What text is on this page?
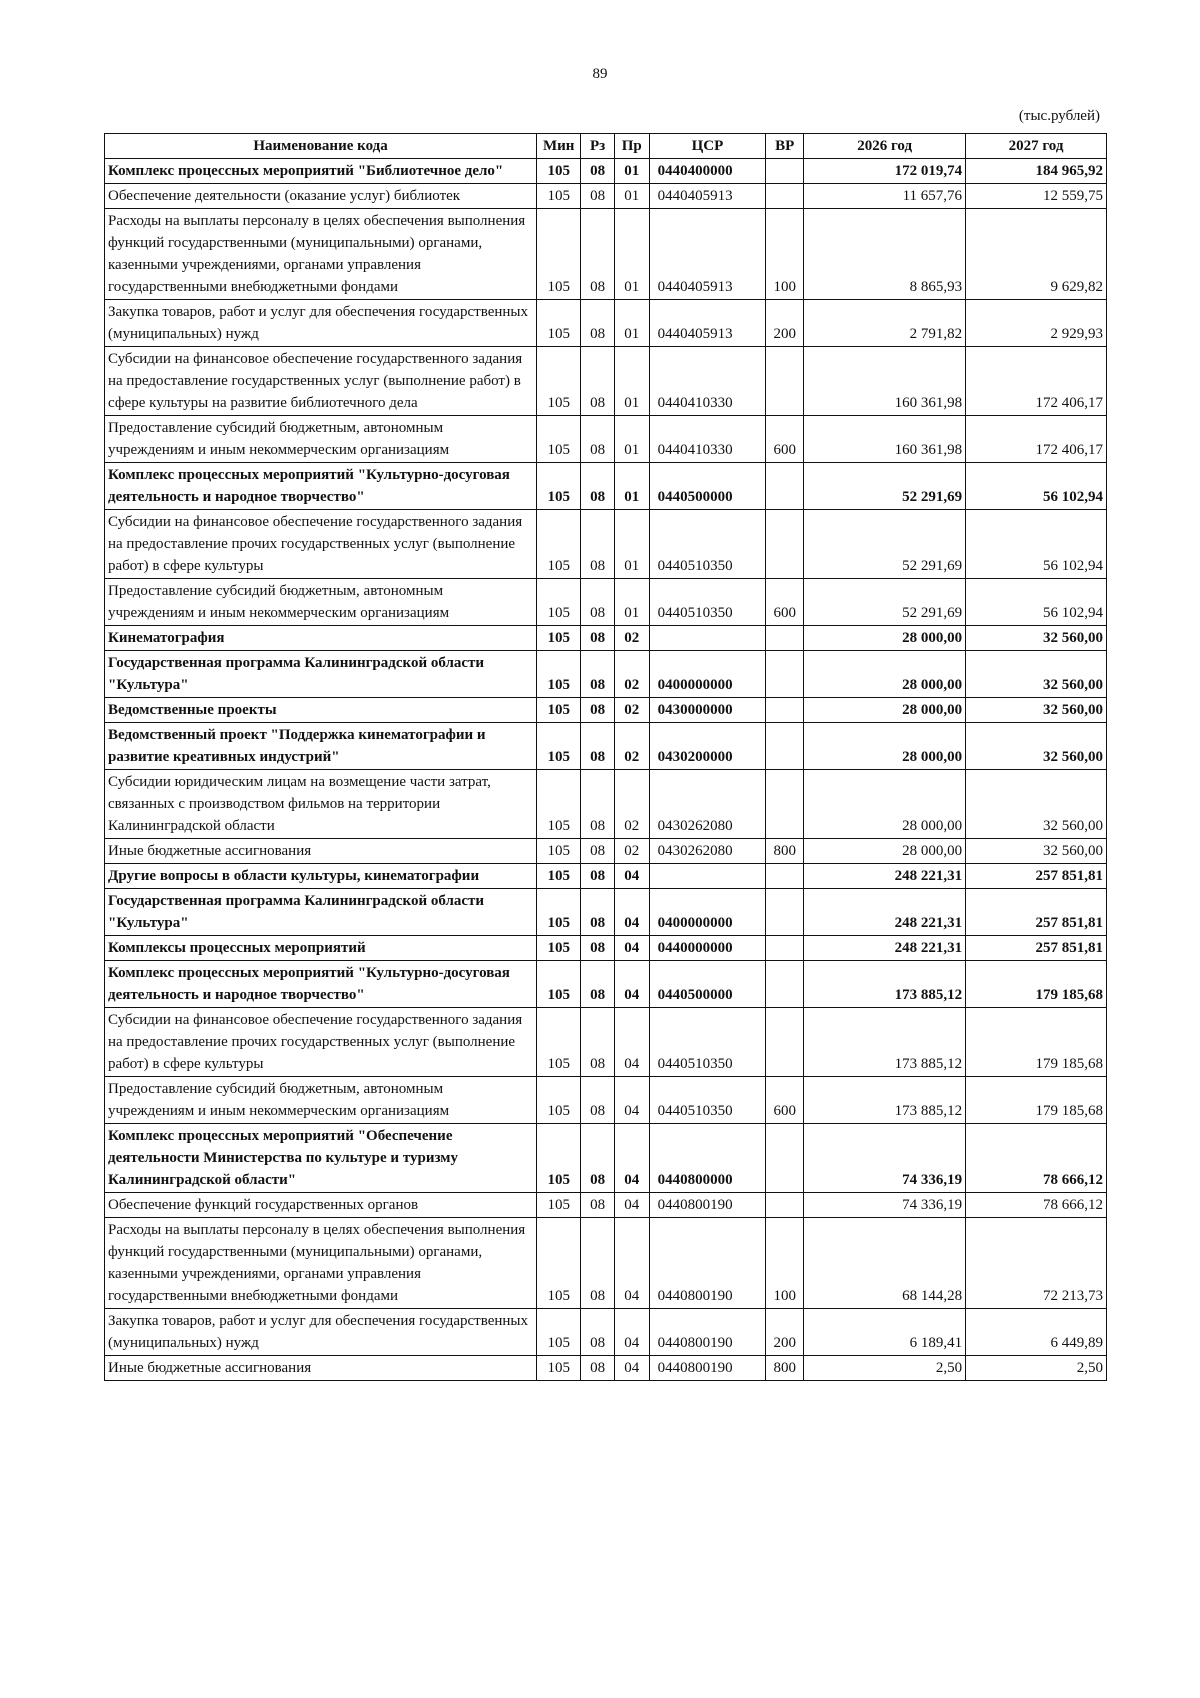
89
(тыс.рублей)
Наименование кода	Мин	Рз	Пр	ЦСР	ВР	2026 год	2027 год
Комплекс процессных мероприятий "Библиотечное дело"	105	08	01	0440400000		172 019,74	184 965,92
Обеспечение деятельности (оказание услуг) библиотек	105	08	01	0440405913		11 657,76	12 559,75
Расходы на выплаты персоналу в целях обеспечения выполнения функций государственными (муниципальными) органами, казенными учреждениями, органами управления государственными внебюджетными фондами	105	08	01	0440405913	100	8 865,93	9 629,82
Закупка товаров, работ и услуг для обеспечения государственных (муниципальных) нужд	105	08	01	0440405913	200	2 791,82	2 929,93
Субсидии на финансовое обеспечение государственного задания на предоставление государственных услуг (выполнение работ) в сфере культуры на развитие библиотечного дела	105	08	01	0440410330		160 361,98	172 406,17
Предоставление субсидий бюджетным, автономным учреждениям и иным некоммерческим организациям	105	08	01	0440410330	600	160 361,98	172 406,17
Комплекс процессных мероприятий "Культурно-досуговая деятельность и народное творчество"	105	08	01	0440500000		52 291,69	56 102,94
Субсидии на финансовое обеспечение государственного задания на предоставление прочих государственных услуг (выполнение работ) в сфере культуры	105	08	01	0440510350		52 291,69	56 102,94
Предоставление субсидий бюджетным, автономным учреждениям и иным некоммерческим организациям	105	08	01	0440510350	600	52 291,69	56 102,94
Кинематография	105	08	02			28 000,00	32 560,00
Государственная программа Калининградской области "Культура"	105	08	02	0400000000		28 000,00	32 560,00
Ведомственные проекты	105	08	02	0430000000		28 000,00	32 560,00
Ведомственный проект "Поддержка кинематографии и развитие креативных индустрий"	105	08	02	0430200000		28 000,00	32 560,00
Субсидии юридическим лицам на возмещение части затрат, связанных с производством фильмов на территории Калининградской области	105	08	02	0430262080		28 000,00	32 560,00
Иные бюджетные ассигнования	105	08	02	0430262080	800	28 000,00	32 560,00
Другие вопросы в области культуры, кинематографии	105	08	04			248 221,31	257 851,81
Государственная программа Калининградской области "Культура"	105	08	04	0400000000		248 221,31	257 851,81
Комплексы процессных мероприятий	105	08	04	0440000000		248 221,31	257 851,81
Комплекс процессных мероприятий "Культурно-досуговая деятельность и народное творчество"	105	08	04	0440500000		173 885,12	179 185,68
Субсидии на финансовое обеспечение государственного задания на предоставление прочих государственных услуг (выполнение работ) в сфере культуры	105	08	04	0440510350		173 885,12	179 185,68
Предоставление субсидий бюджетным, автономным учреждениям и иным некоммерческим организациям	105	08	04	0440510350	600	173 885,12	179 185,68
Комплекс процессных мероприятий "Обеспечение деятельности Министерства по культуре и туризму Калининградской области"	105	08	04	0440800000		74 336,19	78 666,12
Обеспечение функций государственных органов	105	08	04	0440800190		74 336,19	78 666,12
Расходы на выплаты персоналу в целях обеспечения выполнения функций государственными (муниципальными) органами, казенными учреждениями, органами управления государственными внебюджетными фондами	105	08	04	0440800190	100	68 144,28	72 213,73
Закупка товаров, работ и услуг для обеспечения государственных (муниципальных) нужд	105	08	04	0440800190	200	6 189,41	6 449,89
Иные бюджетные ассигнования	105	08	04	0440800190	800	2,50	2,50
